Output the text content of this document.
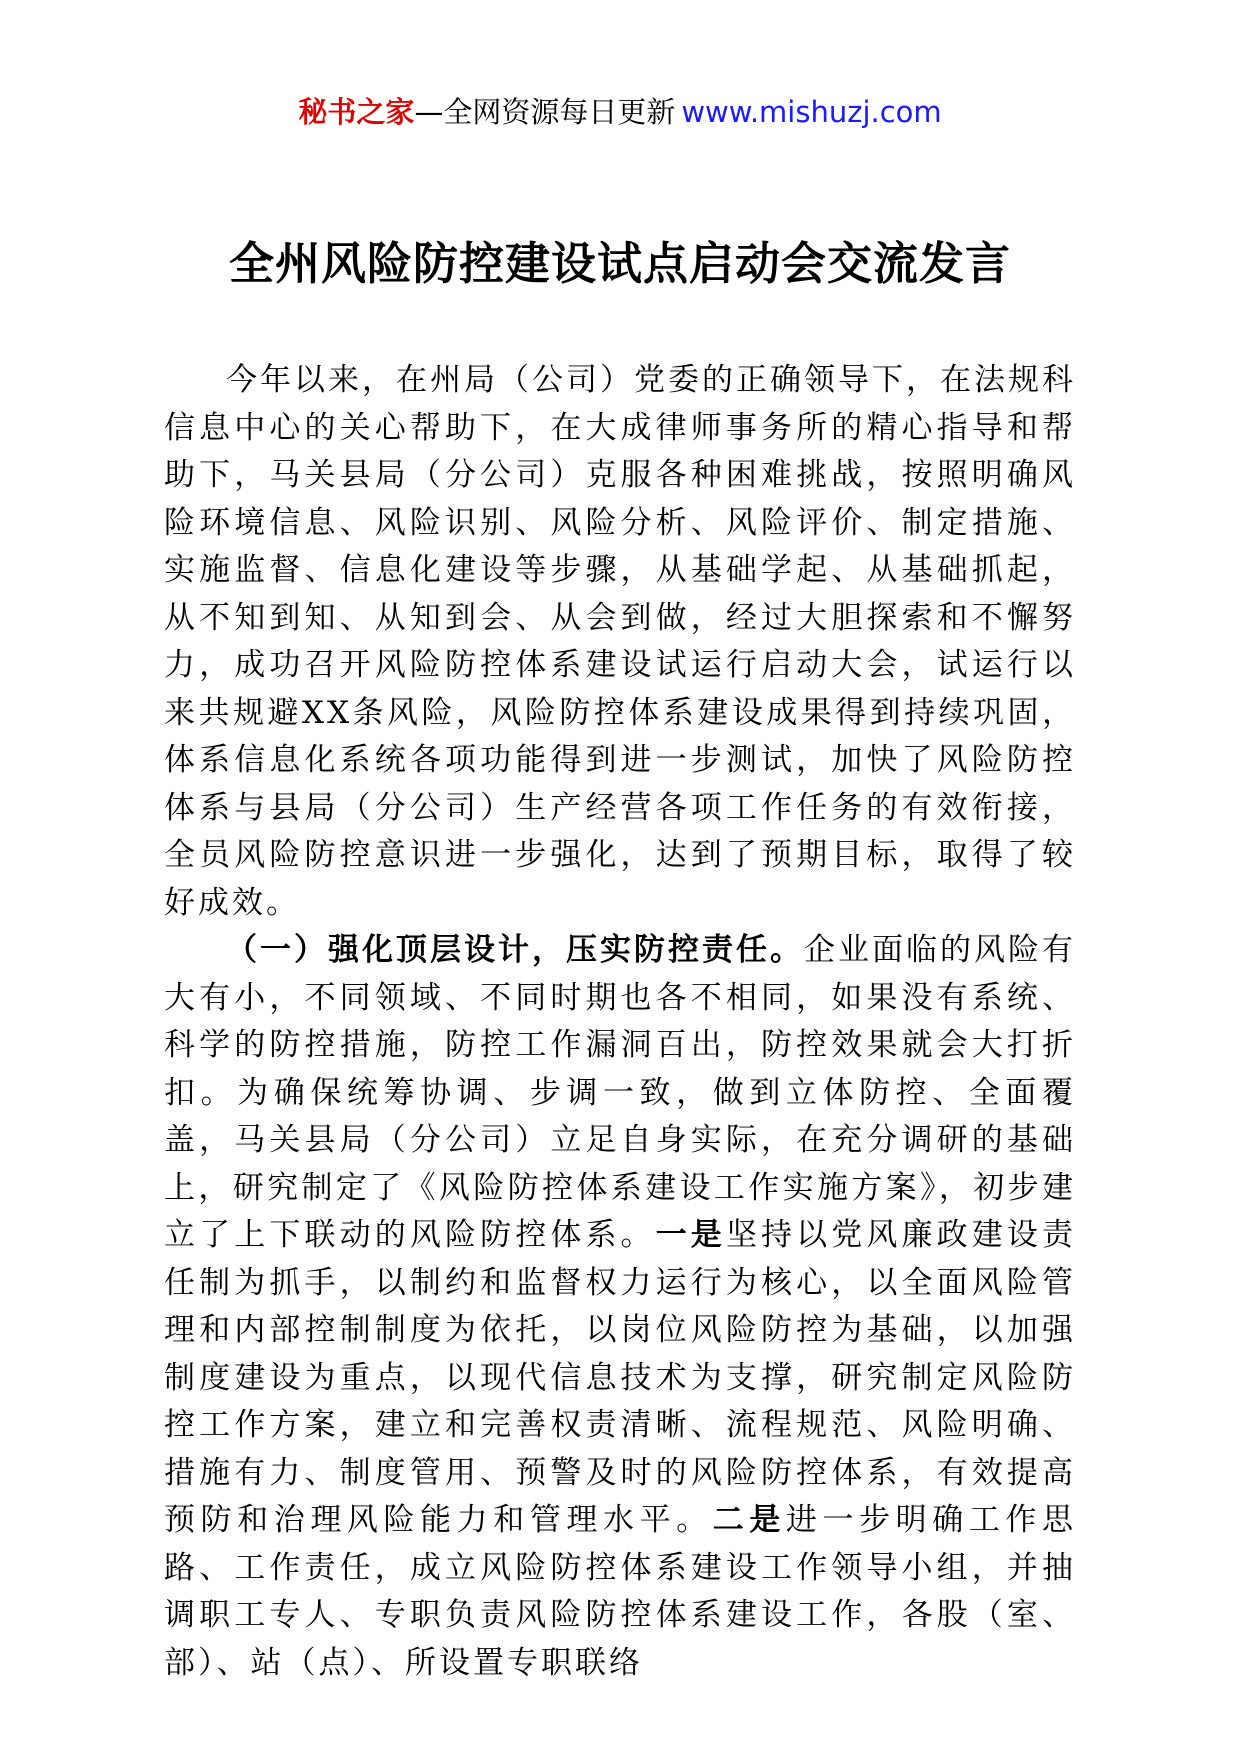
秘书之家—全网资源每日更新 www.mishuzj.com
全州风险防控建设试点启动会交流发言

今年以来，在州局（公司）党委的正确领导下，在法规科信息中心的关心帮助下，在大成律师事务所的精心指导和帮助下，马关县局（分公司）克服各种困难挑战，按照明确风险环境信息、风险识别、风险分析、风险评价、制定措施、实施监督、信息化建设等步骤，从基础学起、从基础抓起，从不知到知、从知到会、从会到做，经过大胆探索和不懈努力，成功召开风险防控体系建设试运行启动大会，试运行以来共规避XX条风险，风险防控体系建设成果得到持续巩固，体系信息化系统各项功能得到进一步测试，加快了风险防控体系与县局（分公司）生产经营各项工作任务的有效衔接，全员风险防控意识进一步强化，达到了预期目标，取得了较好成效。

（一）强化顶层设计，压实防控责任。企业面临的风险有大有小，不同领域、不同时期也各不相同，如果没有系统、科学的防控措施，防控工作漏洞百出，防控效果就会大打折扣。为确保统筹协调、步调一致，做到立体防控、全面覆盖，马关县局（分公司）立足自身实际，在充分调研的基础上，研究制定了《风险防控体系建设工作实施方案》，初步建立了上下联动的风险防控体系。一是坚持以党风廉政建设责任制为抓手，以制约和监督权力运行为核心，以全面风险管理和内部控制制度为依托，以岗位风险防控为基础，以加强制度建设为重点，以现代信息技术为支撑，研究制定风险防控工作方案，建立和完善权责清晰、流程规范、风险明确、措施有力、制度管用、预警及时的风险防控体系，有效提高预防和治理风险能力和管理水平。二是进一步明确工作思路、工作责任，成立风险防控体系建设工作领导小组，并抽调职工专人、专职负责风险防控体系建设工作，各股（室、部）、站（点）、所设置专职联络
